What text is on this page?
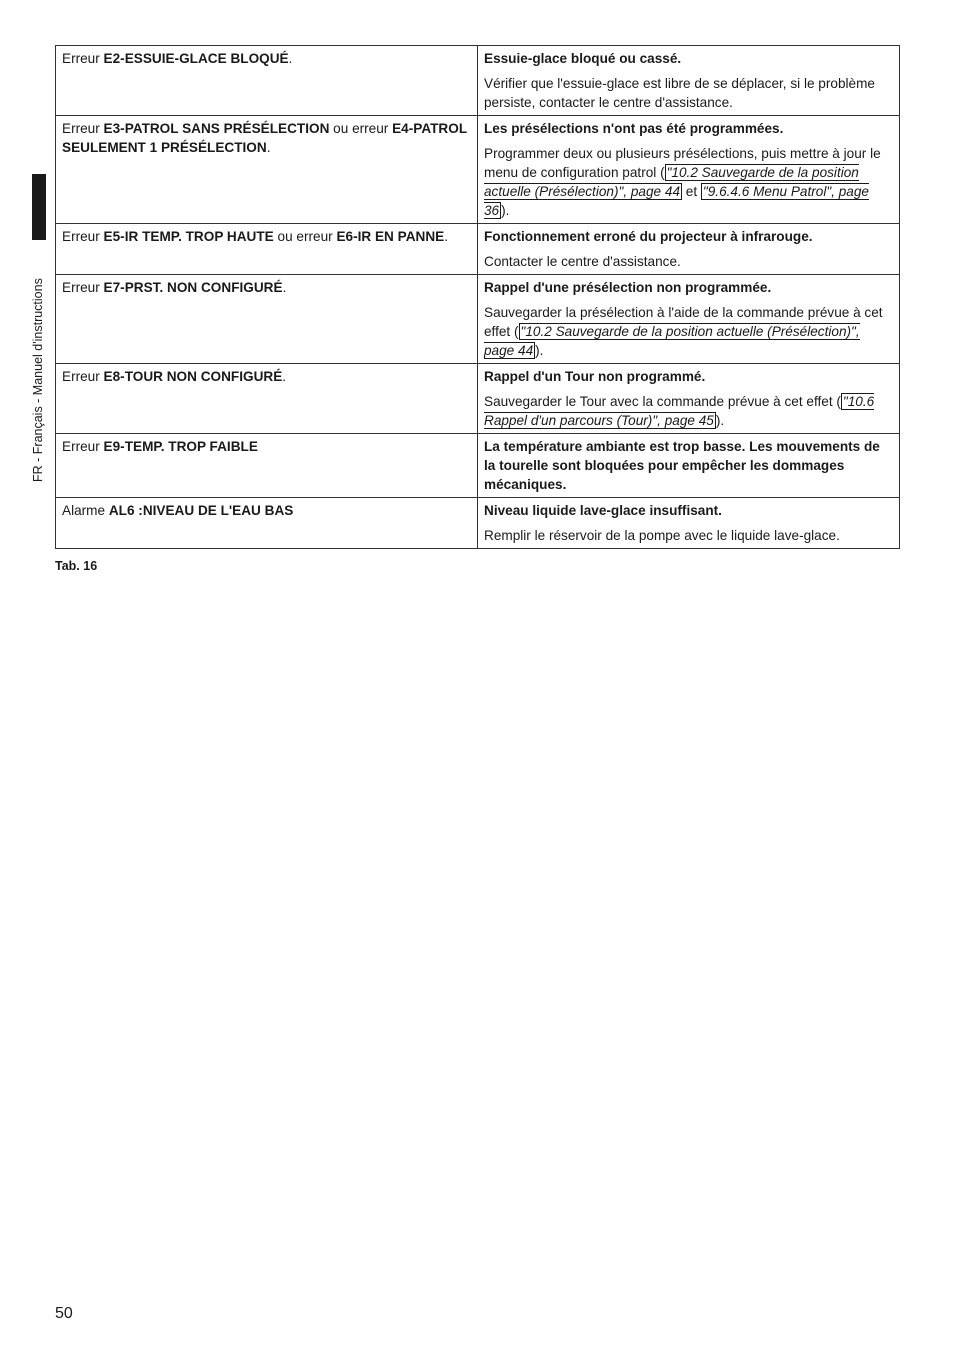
FR - Français - Manuel d'instructions
Erreur E2-ESSUIE-GLACE BLOQUÉ.	Essuie-glace bloqué ou cassé.
Vérifier que l'essuie-glace est libre de se déplacer, si le problème persiste, contacter le centre d'assistance.

Erreur E3-PATROL SANS PRÉSÉLECTION ou erreur E4-PATROL SEULEMENT 1 PRÉSÉLECTION.	Les présélections n'ont pas été programmées.
Programmer deux ou plusieurs présélections, puis mettre à jour le menu de configuration patrol ( "10.2 Sauvegarde de la position actuelle (Présélection)", page 44 et "9.6.4.6 Menu Patrol", page 36 ).

Erreur E5-IR TEMP. TROP HAUTE ou erreur E6-IR EN PANNE.	Fonctionnement erroné du projecteur à infrarouge.
Contacter le centre d'assistance.

Erreur E7-PRST. NON CONFIGURÉ.	Rappel d'une présélection non programmée.
Sauvegarder la présélection à l'aide de la commande prévue à cet effet ( "10.2 Sauvegarde de la position actuelle (Présélection)", page 44 ).

Erreur E8-TOUR NON CONFIGURÉ.	Rappel d'un Tour non programmé.
Sauvegarder le Tour avec la commande prévue à cet effet ( "10.6 Rappel d'un parcours (Tour)", page 45 ).

Erreur E9-TEMP. TROP FAIBLE	La température ambiante est trop basse. Les mouvements de la tourelle sont bloquées pour empêcher les dommages mécaniques.

Alarme AL6 :NIVEAU DE L'EAU BAS	Niveau liquide lave-glace insuffisant.
Remplir le réservoir de la pompe avec le liquide lave-glace.
Tab. 16
50
